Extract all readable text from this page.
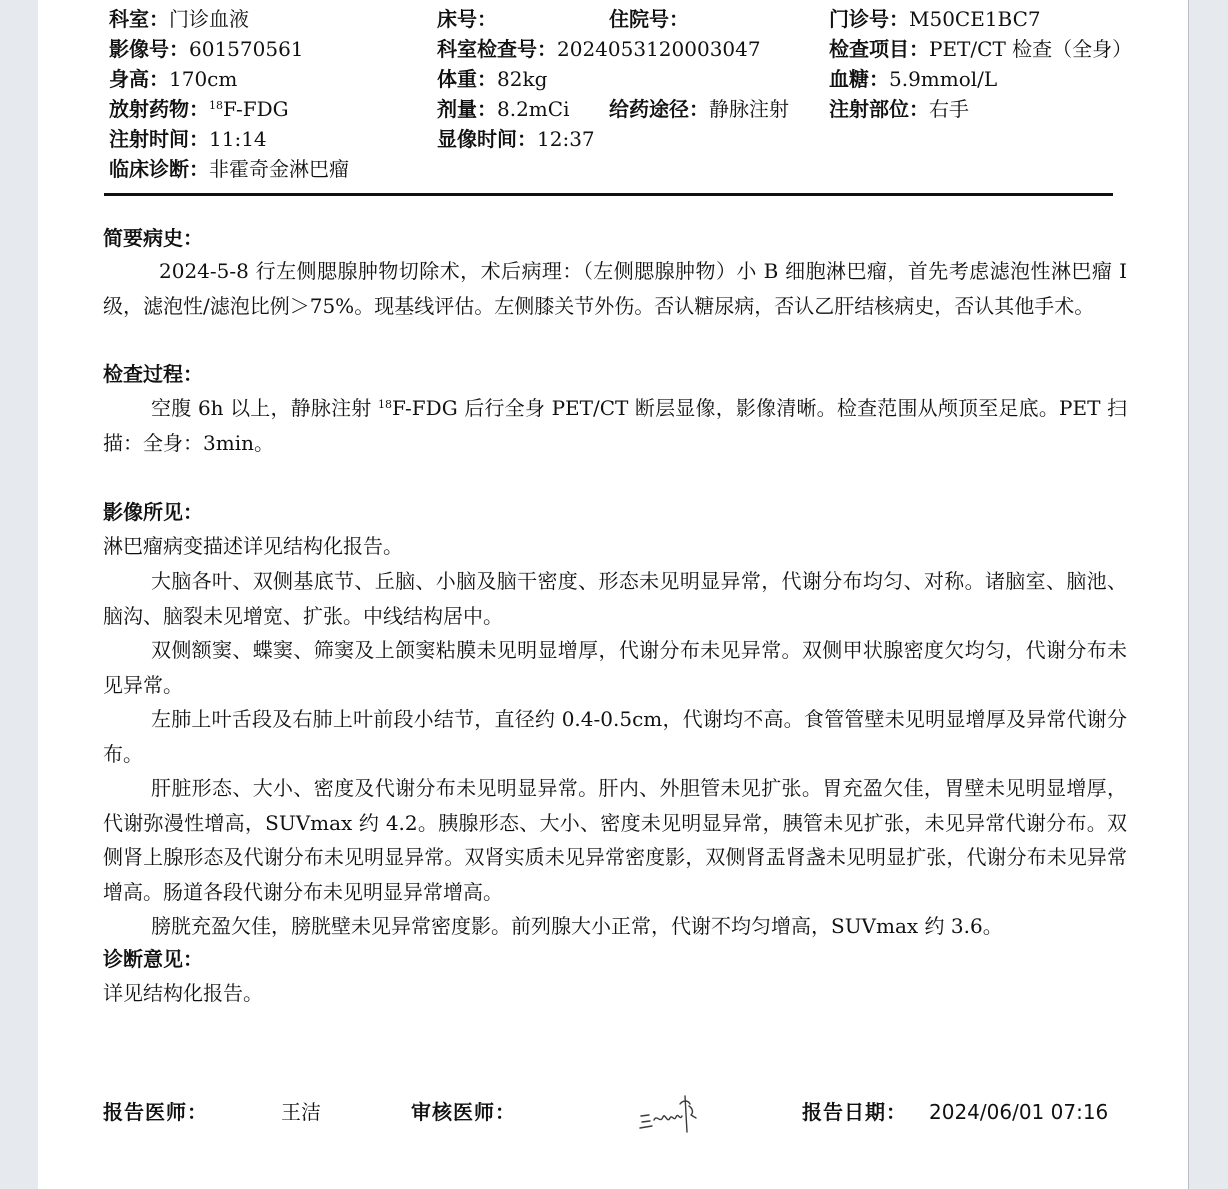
科室：门诊血液	床号：	住院号：	门诊号：M50CE1BC7
影像号：601570561	科室检查号：2024053120003047	检查项目：PET/CT 检查（全身）
身高：170cm	体重：82kg	血糖：5.9mmol/L
放射药物：$^{18}$F-FDG	剂量：8.2mCi 给药途径：静脉注射 注射部位：右手
注射时间：11:14	显像时间：12:37
临床诊断：非霍奇金淋巴瘤
简要病史：

2024-5-8 行左侧腮腺肿物切除术，术后病理：（左侧腮腺肿物）小 B 细胞淋巴瘤，首先考虑滤泡性淋巴瘤 I 级，滤泡性/滤泡比例＞75%。现基线评估。左侧膝关节外伤。否认糖尿病，否认乙肝结核病史，否认其他手术。

检查过程：

空腹 6h 以上，静脉注射 $^{18}$F-FDG 后行全身 PET/CT 断层显像，影像清晰。检查范围从颅顶至足底。PET 扫描：全身：3min。

影像所见：

淋巴瘤病变描述详见结构化报告。

大脑各叶、双侧基底节、丘脑、小脑及脑干密度、形态未见明显异常，代谢分布均匀、对称。诸脑室、脑池、脑沟、脑裂未见增宽、扩张。中线结构居中。

双侧额窦、蝶窦、筛窦及上颌窦粘膜未见明显增厚，代谢分布未见异常。双侧甲状腺密度欠均匀，代谢分布未见异常。

左肺上叶舌段及右肺上叶前段小结节，直径约 0.4-0.5cm，代谢均不高。食管管壁未见明显增厚及异常代谢分布。

肝脏形态、大小、密度及代谢分布未见明显异常。肝内、外胆管未见扩张。胃充盈欠佳，胃壁未见明显增厚，代谢弥漫性增高，SUVmax 约 4.2。胰腺形态、大小、密度未见明显异常，胰管未见扩张，未见异常代谢分布。双侧肾上腺形态及代谢分布未见明显异常。双肾实质未见异常密度影，双侧肾盂肾盏未见明显扩张，代谢分布未见异常增高。肠道各段代谢分布未见明显异常增高。

膀胱充盈欠佳，膀胱壁未见异常密度影。前列腺大小正常，代谢不均匀增高，SUVmax 约 3.6。

诊断意见：

详见结构化报告。

报告医师：	王洁	审核医师：	报告日期： 2024/06/01 07:16
